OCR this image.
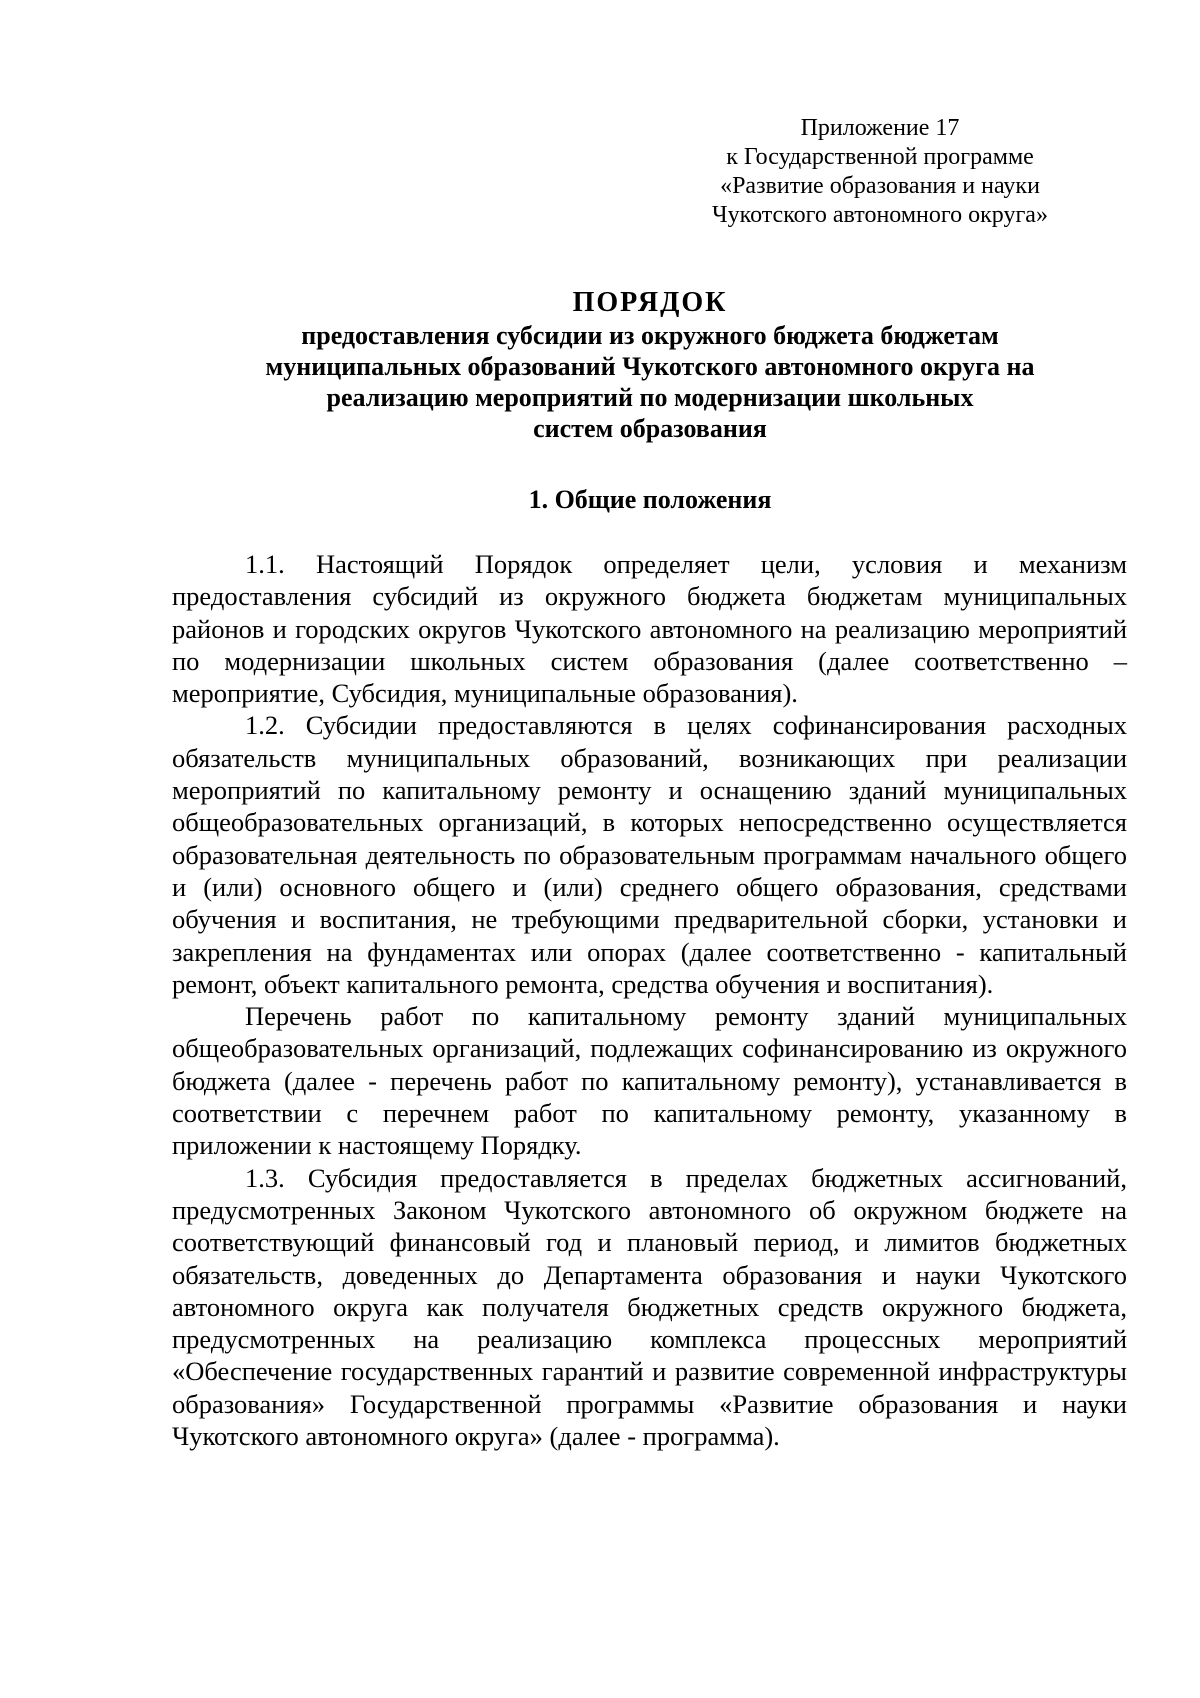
Приложение 17
к Государственной программе
«Развитие образования и науки
Чукотского автономного округа»
ПОРЯДОК
предоставления субсидии из окружного бюджета бюджетам
муниципальных образований Чукотского автономного округа на
реализацию мероприятий по модернизации школьных
систем образования
1. Общие положения

1.1. Настоящий Порядок определяет цели, условия и механизм предоставления субсидий из окружного бюджета бюджетам муниципальных районов и городских округов Чукотского автономного на реализацию мероприятий по модернизации школьных систем образования (далее соответственно – мероприятие, Субсидия, муниципальные образования).

1.2. Субсидии предоставляются в целях софинансирования расходных обязательств муниципальных образований, возникающих при реализации мероприятий по капитальному ремонту и оснащению зданий муниципальных общеобразовательных организаций, в которых непосредственно осуществляется образовательная деятельность по образовательным программам начального общего и (или) основного общего и (или) среднего общего образования, средствами обучения и воспитания, не требующими предварительной сборки, установки и закрепления на фундаментах или опорах (далее соответственно - капитальный ремонт, объект капитального ремонта, средства обучения и воспитания).

Перечень работ по капитальному ремонту зданий муниципальных общеобразовательных организаций, подлежащих софинансированию из окружного бюджета (далее - перечень работ по капитальному ремонту), устанавливается в соответствии с перечнем работ по капитальному ремонту, указанному в приложении к настоящему Порядку.

1.3. Субсидия предоставляется в пределах бюджетных ассигнований, предусмотренных Законом Чукотского автономного об окружном бюджете на соответствующий финансовый год и плановый период, и лимитов бюджетных обязательств, доведенных до Департамента образования и науки Чукотского автономного округа как получателя бюджетных средств окружного бюджета, предусмотренных на реализацию комплекса процессных мероприятий «Обеспечение государственных гарантий и развитие современной инфраструктуры образования» Государственной программы «Развитие образования и науки Чукотского автономного округа» (далее - программа).
